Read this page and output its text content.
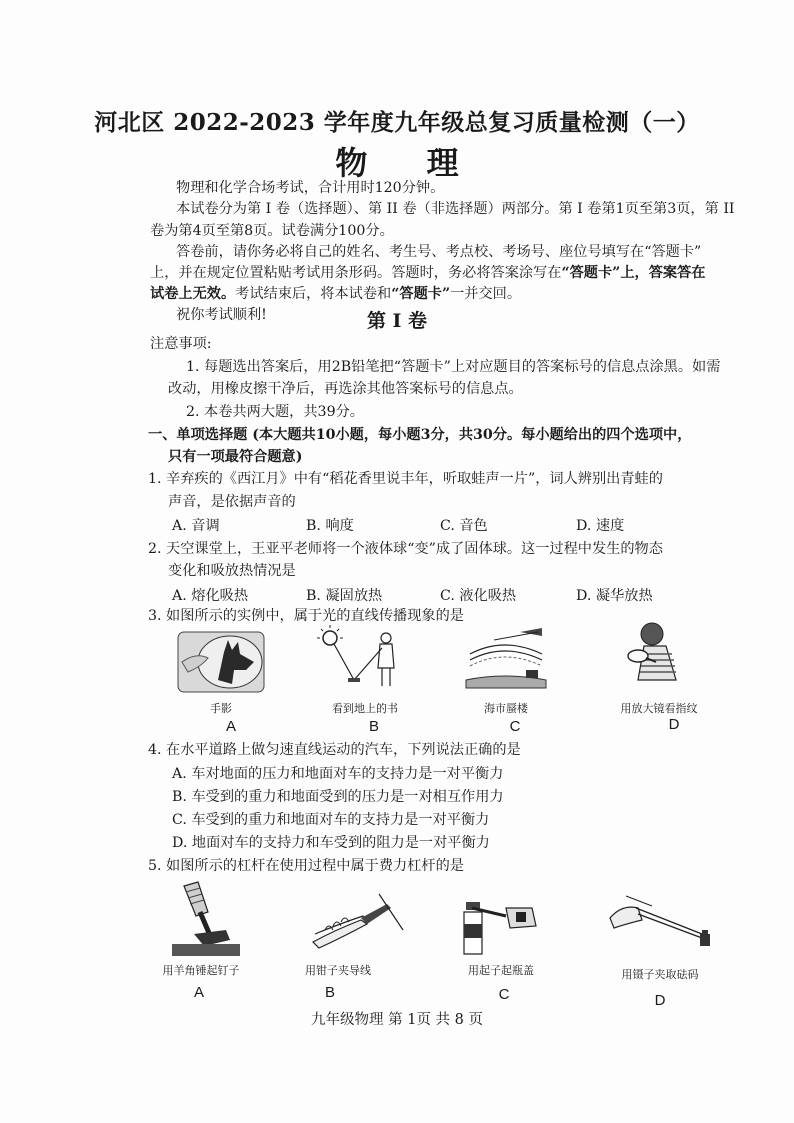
河北区 2022-2023 学年度九年级总复习质量检测（一）
物 理
物理和化学合场考试，合计用时120分钟。
本试卷分为第 I 卷（选择题）、第 II 卷（非选择题）两部分。第 I 卷第1页至第3页，第 II
卷为第4页至第8页。试卷满分100分。
答卷前，请你务必将自己的姓名、考生号、考点校、考场号、座位号填写在“答题卡”
上，并在规定位置粘贴考试用条形码。答题时，务必将答案涂写在“答题卡”上，答案答在
试卷上无效。考试结束后，将本试卷和“答题卡”一并交回。
祝你考试顺利!	第 I 卷
注意事项:
1. 每题选出答案后，用2B铅笔把“答题卡”上对应题目的答案标号的信息点涂黑。如需
改动，用橡皮擦干净后，再选涂其他答案标号的信息点。
2. 本卷共两大题，共39分。
一、单项选择题 (本大题共10小题，每小题3分，共30分。每小题给出的四个选项中，
只有一项最符合题意)
1. 辛弃疾的《西江月》中有“稻花香里说丰年，听取蛙声一片”，词人辨别出青蛙的
声音，是依据声音的
A. 音调	B. 响度	C. 音色	D. 速度
2. 天空课堂上，王亚平老师将一个液体球“变”成了固体球。这一过程中发生的物态
变化和吸放热情况是
A. 熔化吸热	B. 凝固放热	C. 液化吸热	D. 凝华放热
3. 如图所示的实例中，属于光的直线传播现象的是
手影
A
看到地上的书
B
海市蜃楼
C
用放大镜看指纹
D
4. 在水平道路上做匀速直线运动的汽车，下列说法正确的是
A. 车对地面的压力和地面对车的支持力是一对平衡力
B. 车受到的重力和地面受到的压力是一对相互作用力
C. 车受到的重力和地面对车的支持力是一对平衡力
D. 地面对车的支持力和车受到的阻力是一对平衡力
5. 如图所示的杠杆在使用过程中属于费力杠杆的是
用羊角锤起钉子
A
用钳子夹导线
B
用起子起瓶盖
C
用镊子夹取砝码
D
九年级物理 第 1页 共 8 页
